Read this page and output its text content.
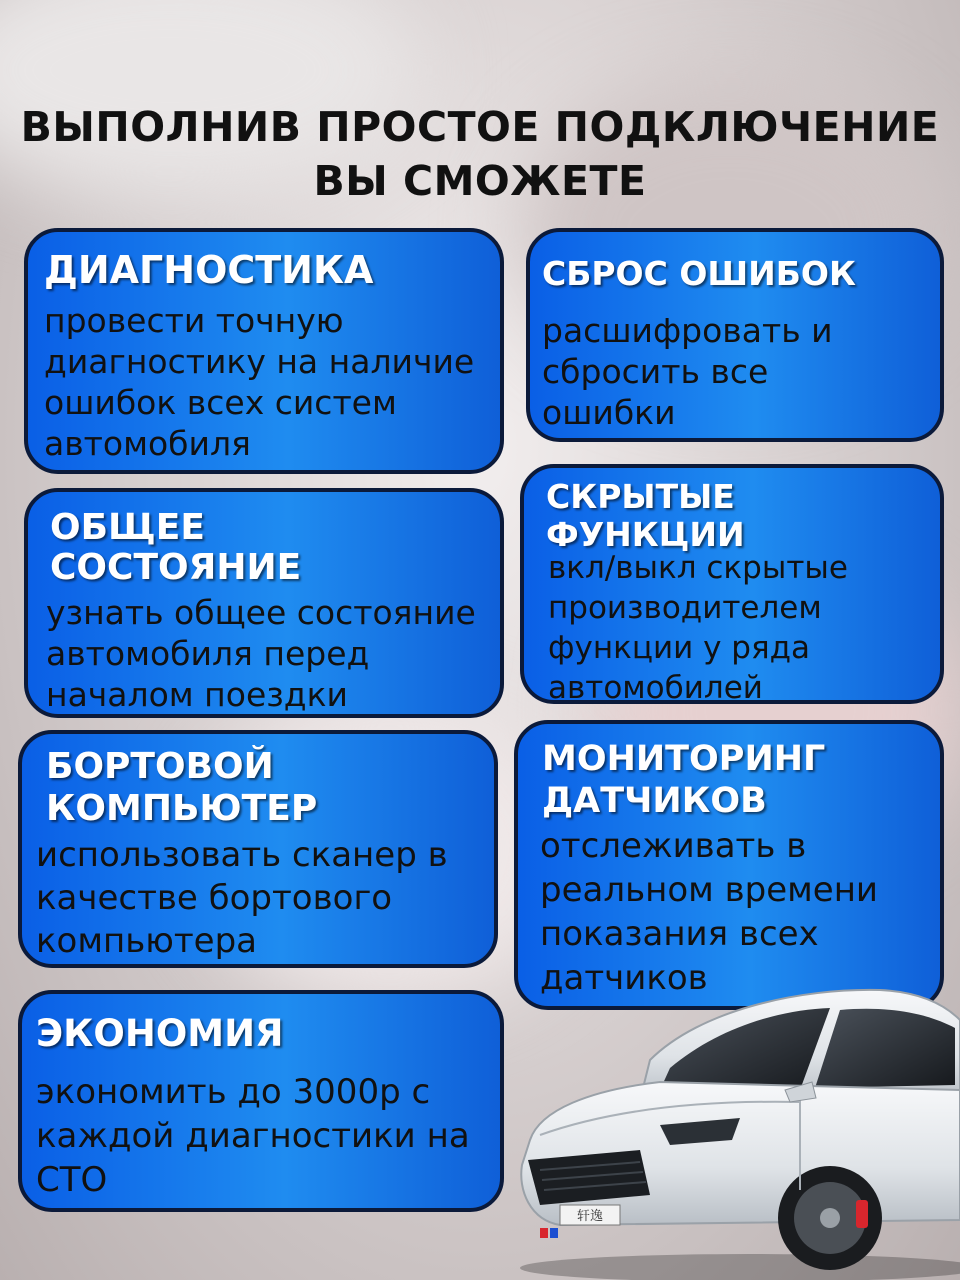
ВЫПОЛНИВ ПРОСТОЕ ПОДКЛЮЧЕНИЕ
ВЫ СМОЖЕТЕ
ДИАГНОСТИКА
провести точную
диагностику на наличие
ошибок всех систем
автомобиля
СБРОС ОШИБОК
расшифровать и
сбросить все
ошибки
ОБЩЕЕ
СОСТОЯНИЕ
узнать общее состояние
автомобиля перед
началом поездки
СКРЫТЫЕ
ФУНКЦИИ
вкл/выкл скрытые
производителем
функции у ряда
автомобилей
БОРТОВОЙ
КОМПЬЮТЕР
использовать сканер в
качестве бортового
компьютера
МОНИТОРИНГ
ДАТЧИКОВ
отслеживать в
реальном времени
показания всех
датчиков
ЭКОНОМИЯ
экономить до 3000р с
каждой диагностики на
СТО
轩逸
